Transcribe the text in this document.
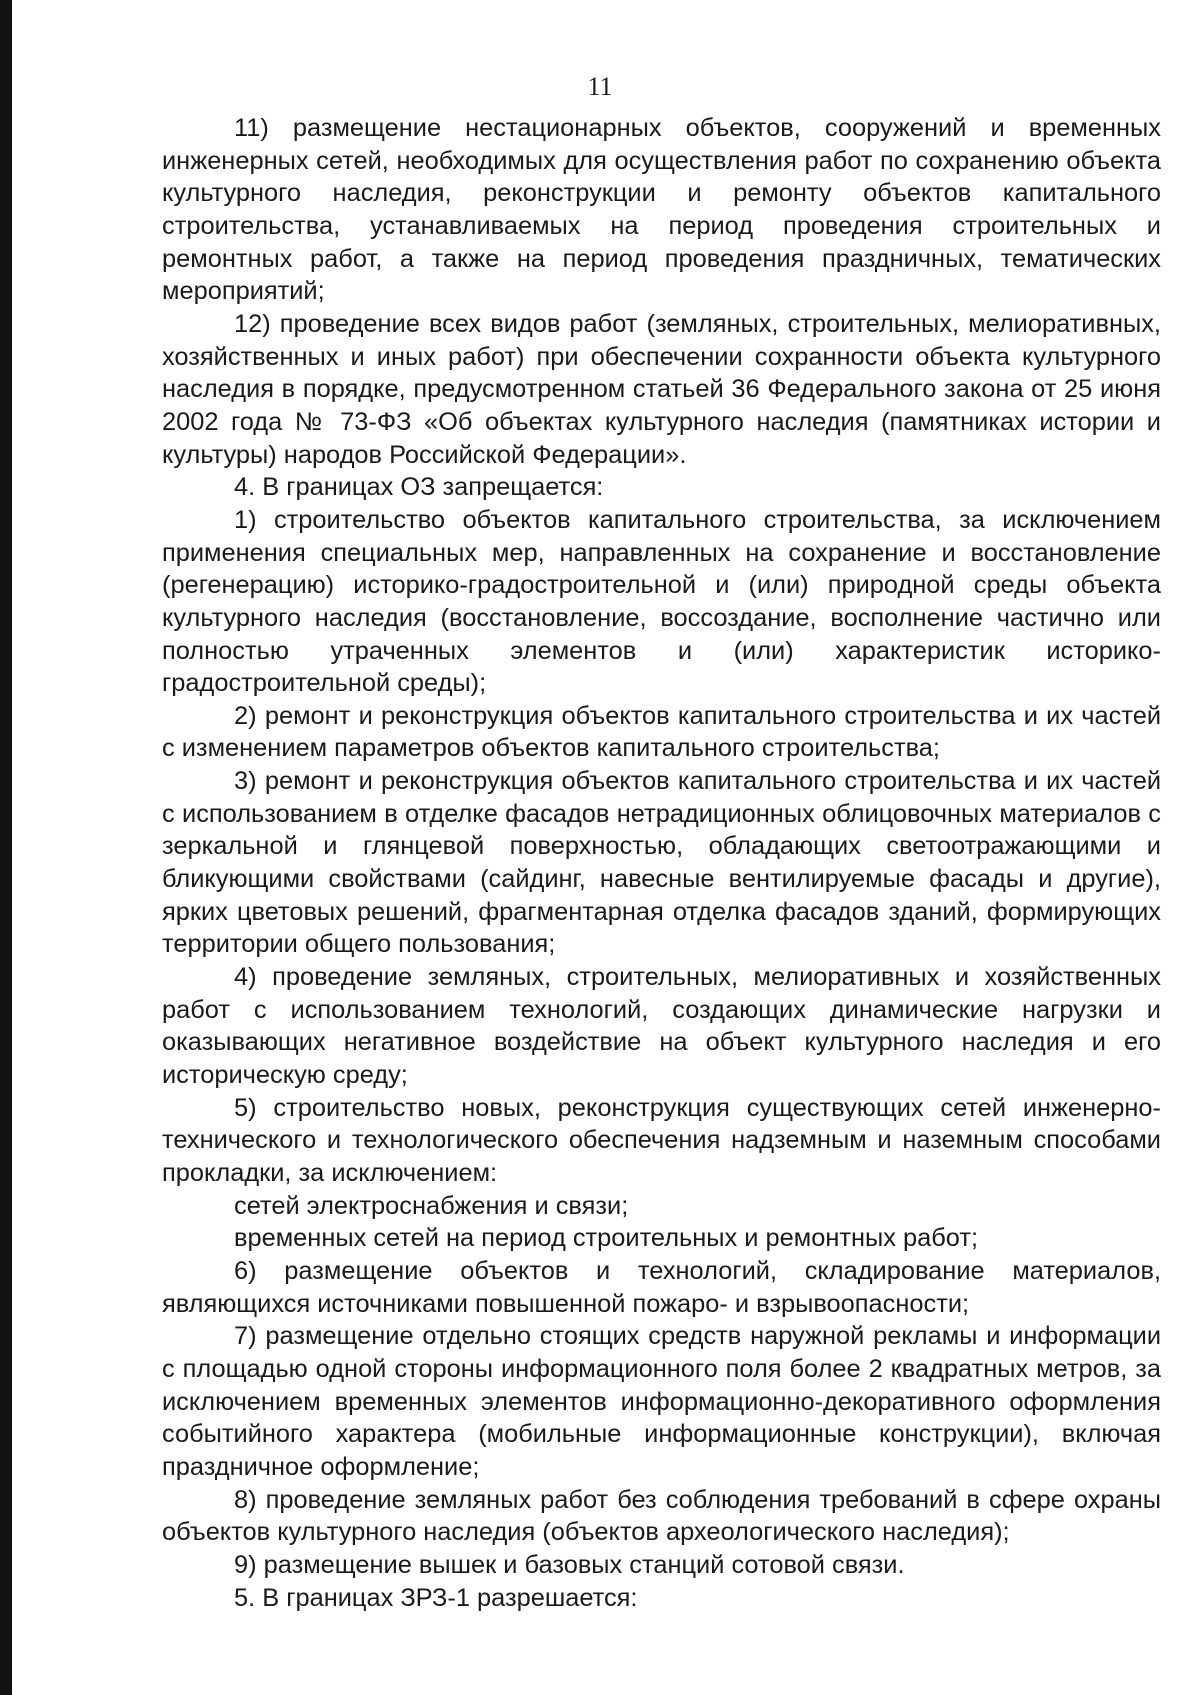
11

11) размещение нестационарных объектов, сооружений и временных инженерных сетей, необходимых для осуществления работ по сохранению объекта культурного наследия, реконструкции и ремонту объектов капитального строительства, устанавливаемых на период проведения строительных и ремонтных работ, а также на период проведения праздничных, тематических мероприятий;

12) проведение всех видов работ (земляных, строительных, мелиоративных, хозяйственных и иных работ) при обеспечении сохранности объекта культурного наследия в порядке, предусмотренном статьей 36 Федерального закона от 25 июня 2002 года № 73-ФЗ «Об объектах культурного наследия (памятниках истории и культуры) народов Российской Федерации».

4. В границах ОЗ запрещается:

1) строительство объектов капитального строительства, за исключением применения специальных мер, направленных на сохранение и восстановление (регенерацию) историко-градостроительной и (или) природной среды объекта культурного наследия (восстановление, воссоздание, восполнение частично или полностью утраченных элементов и (или) характеристик историко-градостроительной среды);

2) ремонт и реконструкция объектов капитального строительства и их частей с изменением параметров объектов капитального строительства;

3) ремонт и реконструкция объектов капитального строительства и их частей с использованием в отделке фасадов нетрадиционных облицовочных материалов с зеркальной и глянцевой поверхностью, обладающих светоотражающими и бликующими свойствами (сайдинг, навесные вентилируемые фасады и другие), ярких цветовых решений, фрагментарная отделка фасадов зданий, формирующих территории общего пользования;

4) проведение земляных, строительных, мелиоративных и хозяйственных работ с использованием технологий, создающих динамические нагрузки и оказывающих негативное воздействие на объект культурного наследия и его историческую среду;

5) строительство новых, реконструкция существующих сетей инженерно-технического и технологического обеспечения надземным и наземным способами прокладки, за исключением:

сетей электроснабжения и связи;

временных сетей на период строительных и ремонтных работ;

6) размещение объектов и технологий, складирование материалов, являющихся источниками повышенной пожаро- и взрывоопасности;

7) размещение отдельно стоящих средств наружной рекламы и информации с площадью одной стороны информационного поля более 2 квадратных метров, за исключением временных элементов информационно-декоративного оформления событийного характера (мобильные информационные конструкции), включая праздничное оформление;

8) проведение земляных работ без соблюдения требований в сфере охраны объектов культурного наследия (объектов археологического наследия);

9) размещение вышек и базовых станций сотовой связи.

5. В границах ЗРЗ-1 разрешается:
